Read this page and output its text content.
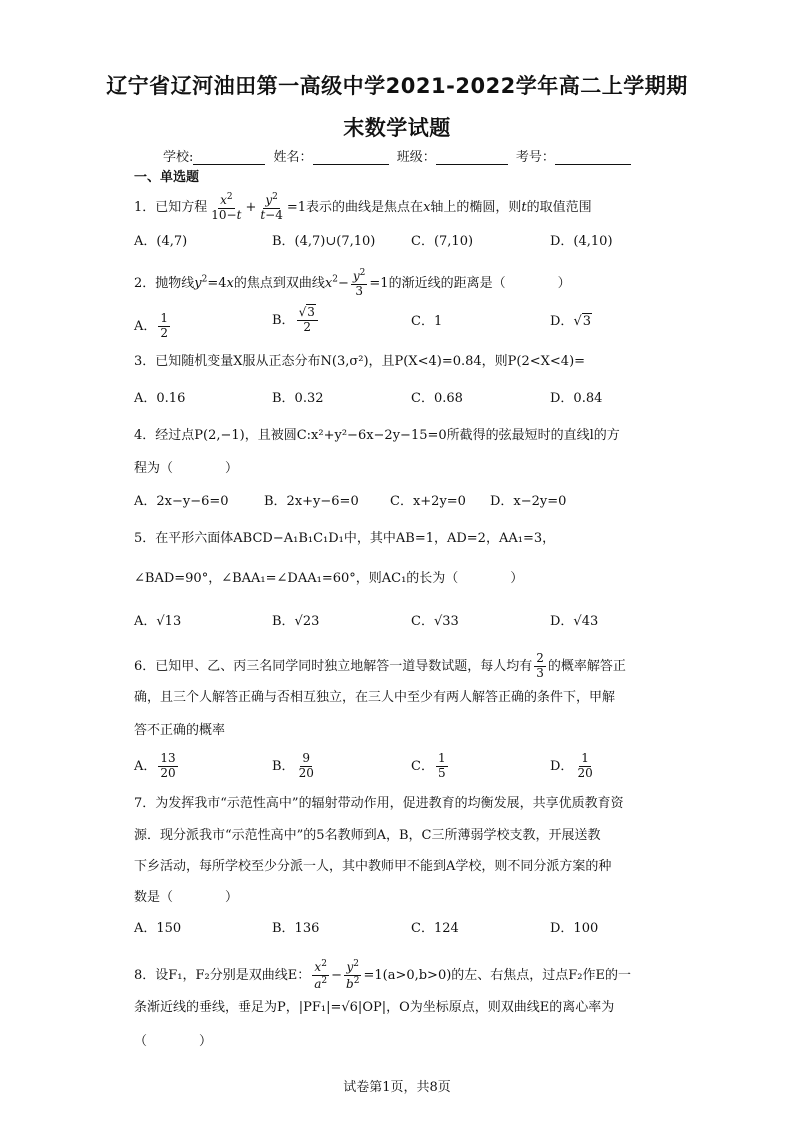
辽宁省辽河油田第一高级中学2021-2022学年高二上学期期
末数学试题
学校:	姓名：	班级：	考号：
一、单选题
1．已知方程 $\frac{x^2}{10-t} + \frac{y^2}{t-4} =1$表示的曲线是焦点在x轴上的椭圆，则t的取值范围
A．(4,7)	B．(4,7)∪(7,10)	C．(7,10)	D．(4,10)
2．抛物线$y^2=4x$的焦点到双曲线$x^2- \frac{y^2}{3} =1$的渐近线的距离是（　　　　）
A． $\frac{1}{2}$	B． $\frac{√3}{2}$	C．1	D．√3
3．已知随机变量X服从正态分布N(3,σ²)，且P(X<4)=0.84，则P(2<X<4)=
A．0.16	B．0.32	C．0.68	D．0.84
4．经过点P(2,−1)，且被圆C:x²+y²−6x−2y−15=0所截得的弦最短时的直线l的方
程为（　　　　）
A．2x−y−6=0	B．2x+y−6=0 C．x+2y=0 D．x−2y=0
5．在平形六面体ABCD−A₁B₁C₁D₁中，其中AB=1，AD=2，AA₁=3，
∠BAD=90°，∠BAA₁=∠DAA₁=60°，则AC₁的长为（　　　　）
A．√13	B．√23	C．√33	D．√43
6．已知甲、乙、丙三名同学同时独立地解答一道导数试题，每人均有 $\frac{2}{3}$ 的概率解答正
确，且三个人解答正确与否相互独立，在三人中至少有两人解答正确的条件下，甲解
答不正确的概率
A． $\frac{13}{20}$	B． $\frac{9}{20}$	C． $\frac{1}{5}$	D． $\frac{1}{20}$
7．为发挥我市“示范性高中”的辐射带动作用，促进教育的均衡发展，共享优质教育资
源．现分派我市“示范性高中”的5名教师到A，B，C三所薄弱学校支教，开展送教
下乡活动，每所学校至少分派一人，其中教师甲不能到A学校，则不同分派方案的种
数是（　　　　）
A．150	B．136	C．124	D．100
8．设F₁，F₂分别是双曲线E： $\frac{x^2}{a^2} - \frac{y^2}{b^2} =1(a>0,b>0)$的左、右焦点，过点F₂作E的一
条渐近线的垂线，垂足为P，|PF₁|=√6|OP|，O为坐标原点，则双曲线E的离心率为
（　　　　）
试卷第1页，共8页
